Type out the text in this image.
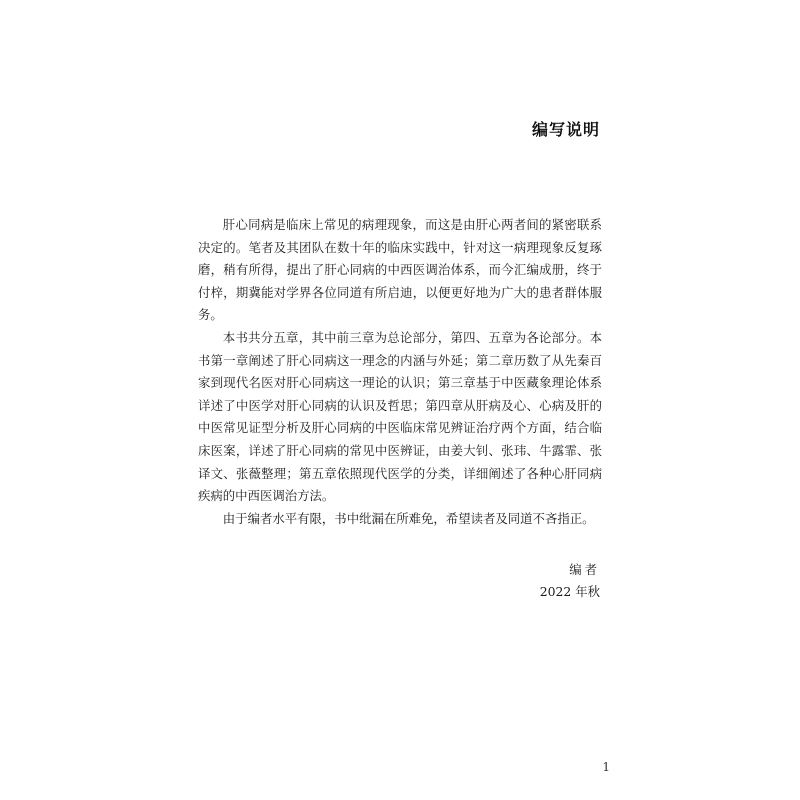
编写说明

肝心同病是临床上常见的病理现象，而这是由肝心两者间的紧密联系决定的。笔者及其团队在数十年的临床实践中，针对这一病理现象反复琢磨，稍有所得，提出了肝心同病的中西医调治体系，而今汇编成册，终于付梓，期冀能对学界各位同道有所启迪，以便更好地为广大的患者群体服务。

本书共分五章，其中前三章为总论部分，第四、五章为各论部分。本书第一章阐述了肝心同病这一理念的内涵与外延；第二章历数了从先秦百家到现代名医对肝心同病这一理论的认识；第三章基于中医藏象理论体系详述了中医学对肝心同病的认识及哲思；第四章从肝病及心、心病及肝的中医常见证型分析及肝心同病的中医临床常见辨证治疗两个方面，结合临床医案，详述了肝心同病的常见中医辨证，由姜大钊、张玮、牛露霏、张译文、张薇整理；第五章依照现代医学的分类，详细阐述了各种心肝同病疾病的中西医调治方法。

由于编者水平有限，书中纰漏在所难免，希望读者及同道不吝指正。

编者
2022 年秋
1
